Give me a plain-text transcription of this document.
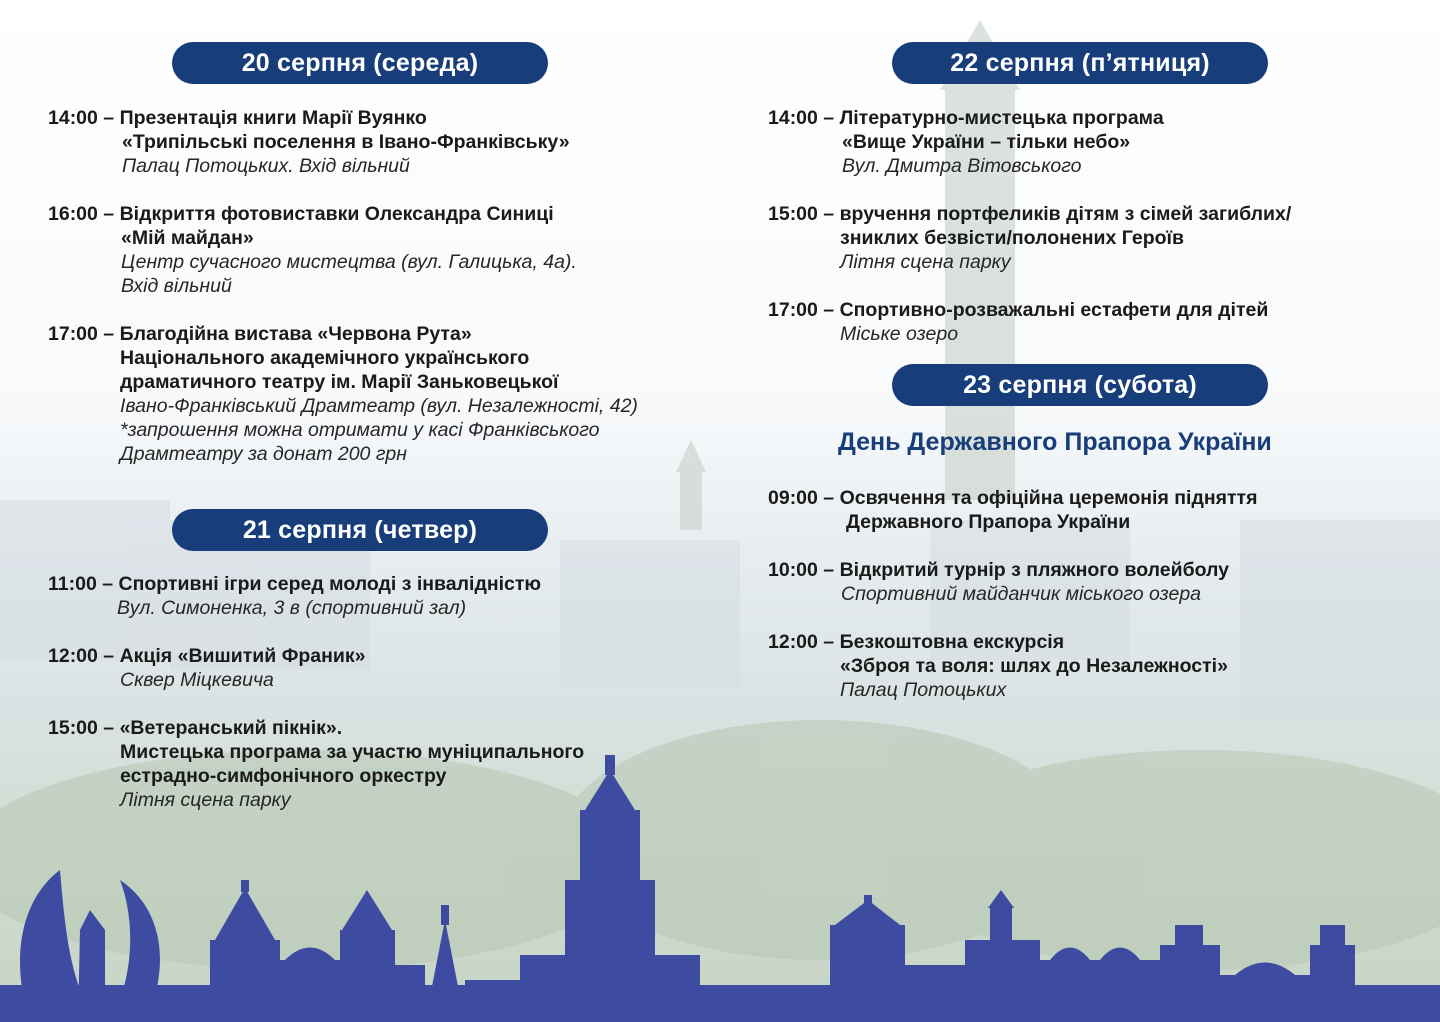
20 серпня (середа)
14:00 – Презентація книги Марії Вуянко
«Трипільські поселення в Івано-Франківську»
Палац Потоцьких. Вхід вільний
16:00 – Відкриття фотовиставки Олександра Синиці
«Мій майдан»
Центр сучасного мистецтва (вул. Галицька, 4а).
Вхід вільний
17:00 – Благодійна вистава «Червона Рута»
Національного академічного українського
драматичного театру ім. Марії Заньковецької
Івано-Франківський Драмтеатр (вул. Незалежності, 42)
*запрошення можна отримати у касі Франківського
Драмтеатру за донат 200 грн
21 серпня (четвер)
11:00 – Спортивні ігри серед молоді з інвалідністю
Вул. Симоненка, 3 в (спортивний зал)
12:00 – Акція «Вишитий Франик»
Сквер Міцкевича
15:00 – «Ветеранський пікнік».
Мистецька програма за участю муніципального
естрадно-симфонічного оркестру
Літня сцена парку
22 серпня (п’ятниця)
14:00 – Літературно-мистецька програма
«Вище України – тільки небо»
Вул. Дмитра Вітовського
15:00 – вручення портфеликів дітям з сімей загиблих/
зниклих безвісти/полонених Героїв
Літня сцена парку
17:00 – Спортивно-розважальні естафети для дітей
Міське озеро
23 серпня (субота)
День Державного Прапора України
09:00 – Освячення та офіційна церемонія підняття
Державного Прапора України
10:00 – Відкритий турнір з пляжного волейболу
Спортивний майданчик міського озера
12:00 – Безкоштовна екскурсія
«Зброя та воля: шлях до Незалежності»
Палац Потоцьких
